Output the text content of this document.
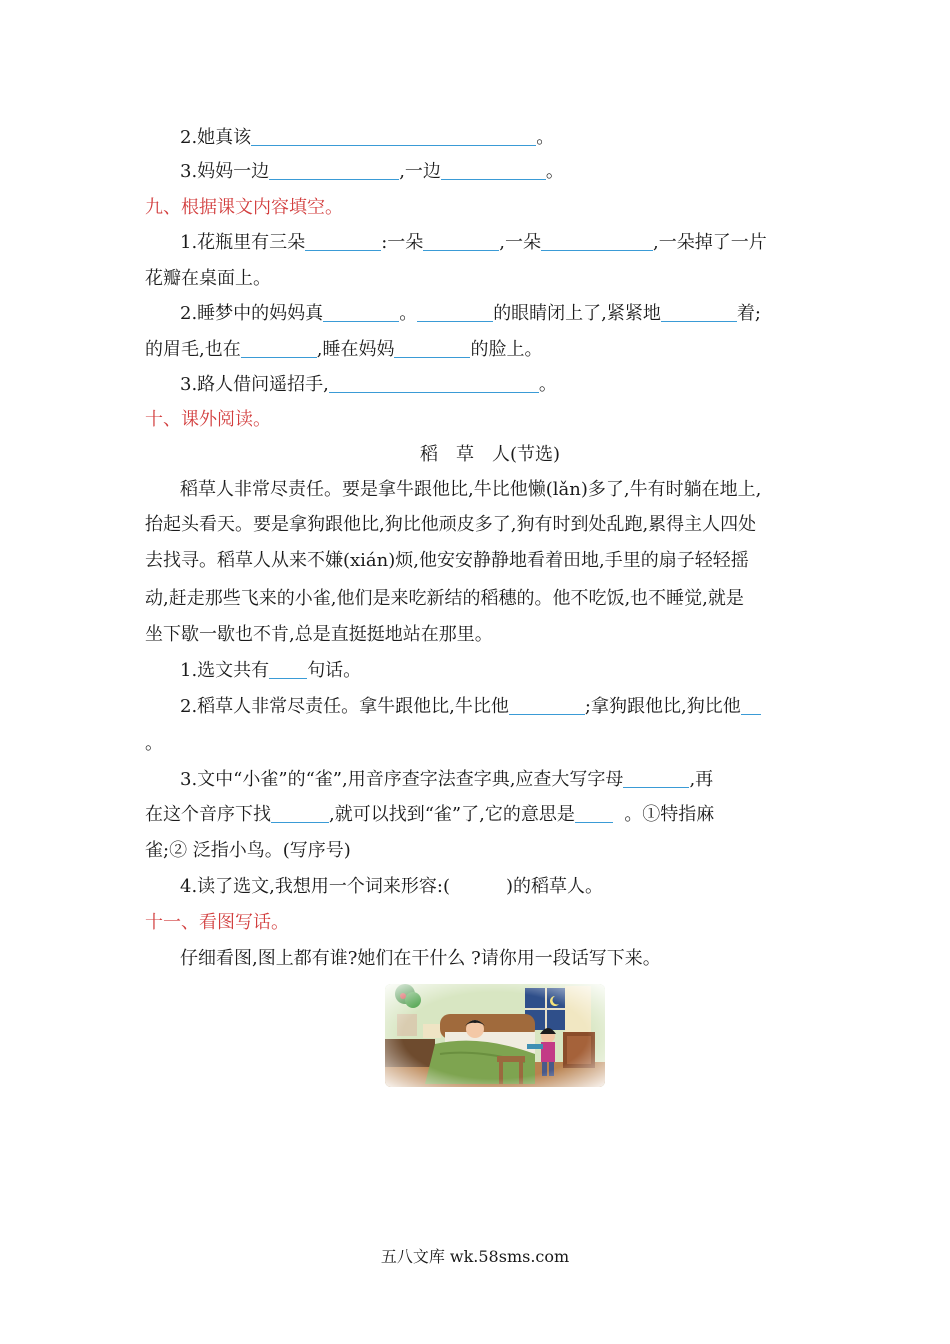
2.她真该	。
3.妈妈一边	,一边	。
九、根据课文内容填空。
1.花瓶里有三朵	:一朵	,一朵	,一朵掉了一片
花瓣在桌面上。
2.睡梦中的妈妈真	。	的眼睛闭上了,紧紧地	着;
的眉毛,也在	,睡在妈妈	的脸上。
3.路人借问遥招手,	。
十、课外阅读。
稻　草　人(节选)
稻草人非常尽责任。要是拿牛跟他比,牛比他懒(lǎn)多了,牛有时躺在地上,
抬起头看天。要是拿狗跟他比,狗比他顽皮多了,狗有时到处乱跑,累得主人四处
去找寻。稻草人从来不嫌(xián)烦,他安安静静地看着田地,手里的扇子轻轻摇
动,赶走那些飞来的小雀,他们是来吃新结的稻穗的。他不吃饭,也不睡觉,就是
坐下歇一歇也不肯,总是直挺挺地站在那里。
1.选文共有 句话。
2.稻草人非常尽责任。拿牛跟他比,牛比他	;拿狗跟他比,狗比他
。
3.文中“小雀”的“雀”,用音序查字法查字典,应查大写字母	,再
在这个音序下找	,就可以找到“雀”了,它的意思是	。①特指麻
雀;② 泛指小鸟。(写序号)
4.读了选文,我想用一个词来形容:(	)的稻草人。
十一、看图写话。
仔细看图,图上都有谁?她们在干什么 ?请你用一段话写下来。
五八文库 wk.58sms.com
